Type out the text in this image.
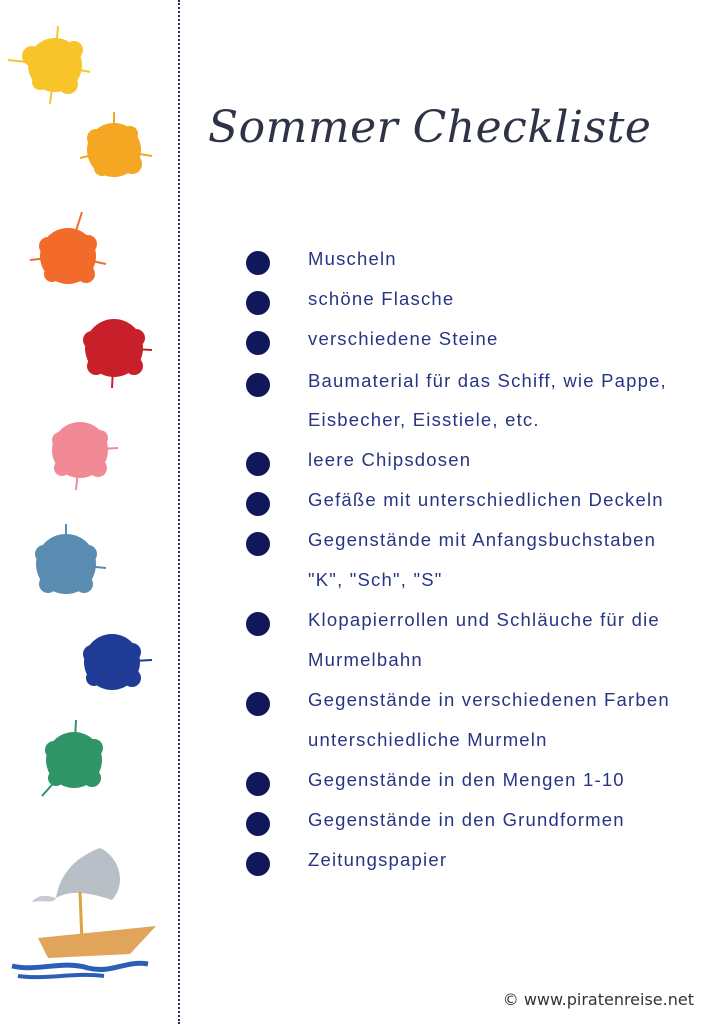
Sommer Checkliste
Muscheln
schöne Flasche
verschiedene Steine
Baumaterial für das Schiff, wie Pappe,
Eisbecher, Eisstiele, etc.
leere Chipsdosen
Gefäße mit unterschiedlichen Deckeln
Gegenstände mit Anfangsbuchstaben
"K", "Sch", "S"
Klopapierrollen und Schläuche für die
Murmelbahn
Gegenstände in verschiedenen Farben
unterschiedliche Murmeln
Gegenstände in den Mengen 1-10
Gegenstände in den Grundformen
Zeitungspapier
© www.piratenreise.net
